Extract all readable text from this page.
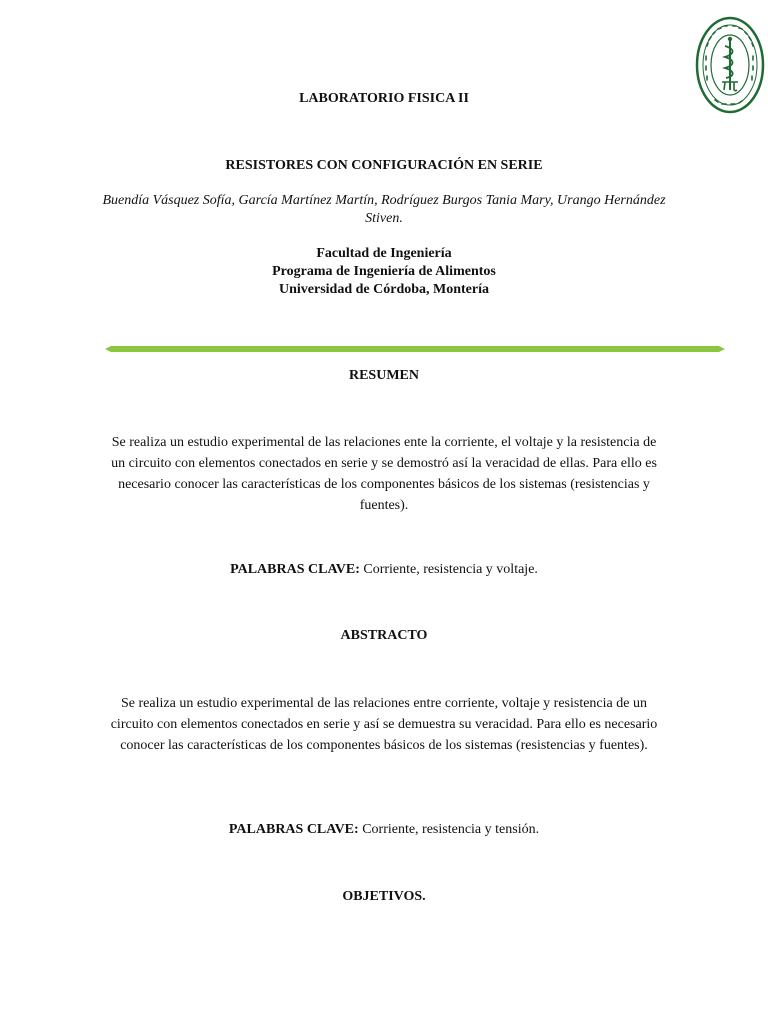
LABORATORIO FISICA II
RESISTORES CON CONFIGURACIÓN EN SERIE
Buendía Vásquez Sofía, García Martínez Martín, Rodríguez Burgos Tania Mary, Urango Hernández Stiven.
Facultad de Ingeniería
Programa de Ingeniería de Alimentos
Universidad de Córdoba, Montería
RESUMEN
Se realiza un estudio experimental de las relaciones ente la corriente, el voltaje y la resistencia de un circuito con elementos conectados en serie y se demostró así la veracidad de ellas. Para ello es necesario conocer las características de los componentes básicos de los sistemas (resistencias y fuentes).
PALABRAS CLAVE: Corriente, resistencia y voltaje.
ABSTRACTO
Se realiza un estudio experimental de las relaciones entre corriente, voltaje y resistencia de un circuito con elementos conectados en serie y así se demuestra su veracidad. Para ello es necesario conocer las características de los componentes básicos de los sistemas (resistencias y fuentes).
PALABRAS CLAVE: Corriente, resistencia y tensión.
OBJETIVOS.
